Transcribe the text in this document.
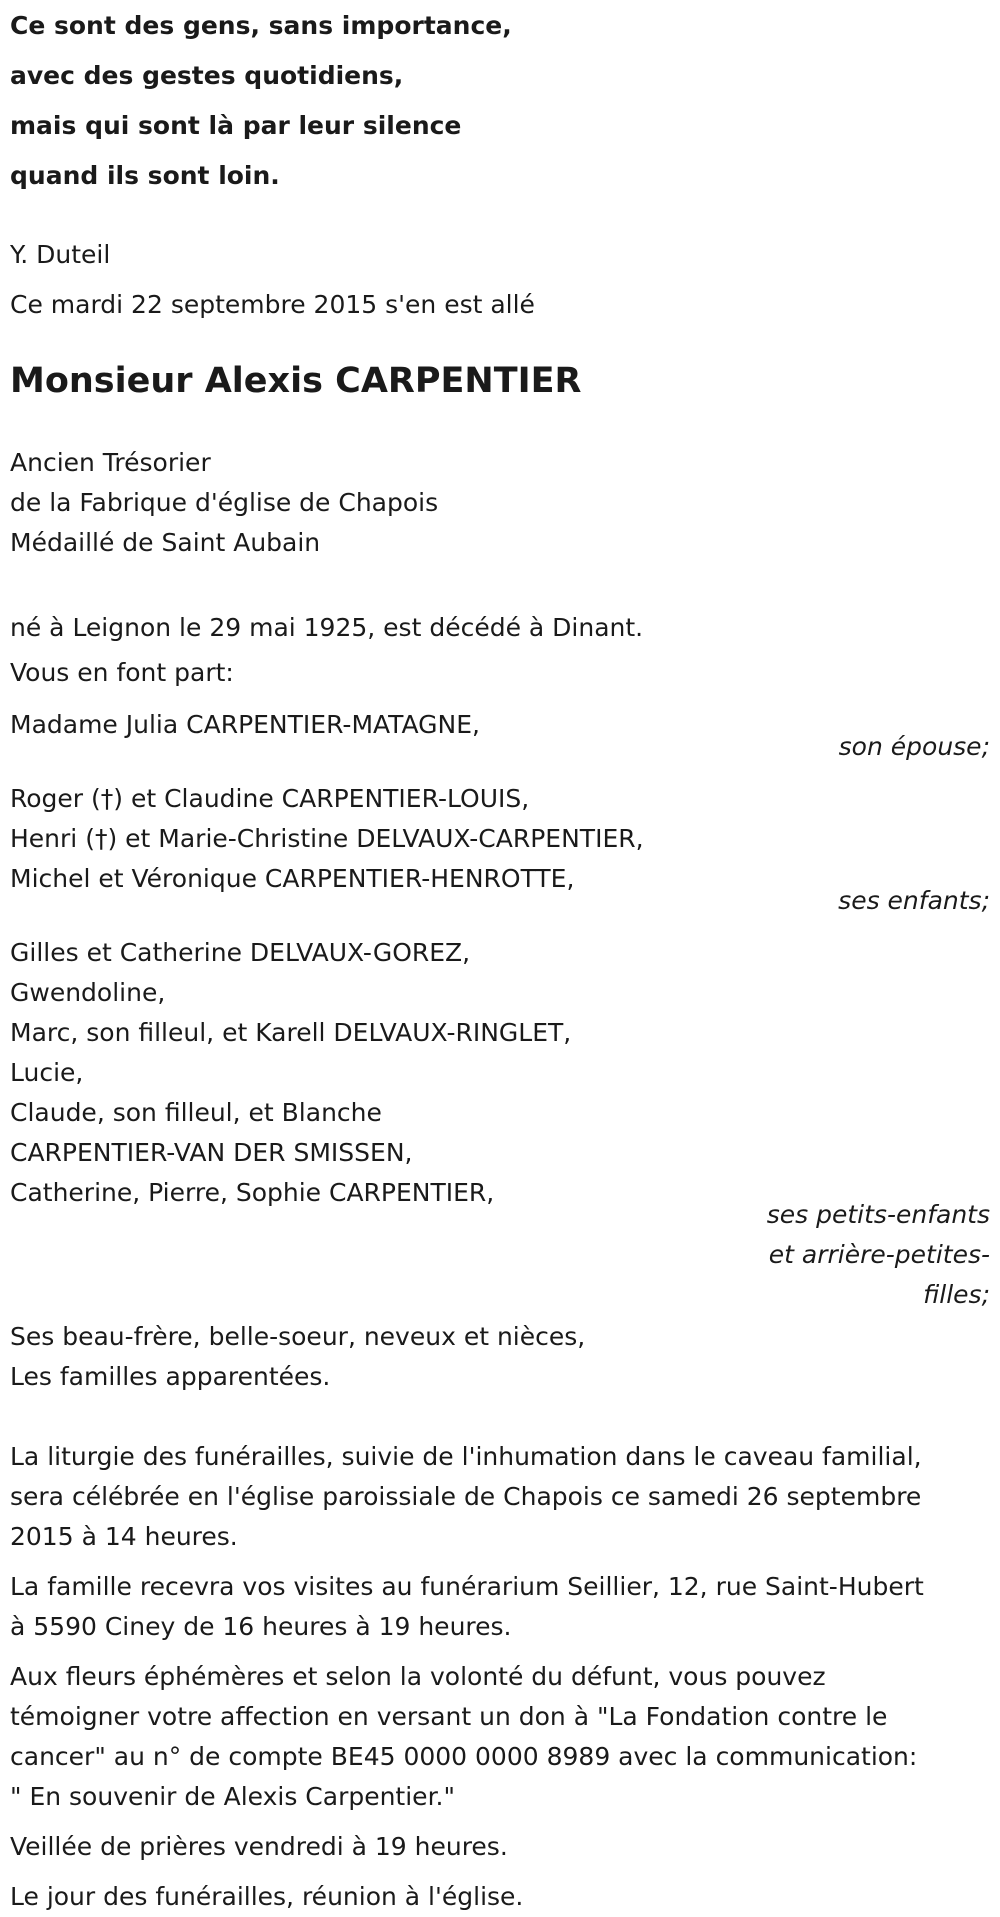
Ce sont des gens, sans importance,
avec des gestes quotidiens,
mais qui sont là par leur silence
quand ils sont loin.
Y. Duteil
Ce mardi 22 septembre 2015 s'en est allé
Monsieur Alexis CARPENTIER
Ancien Trésorier
de la Fabrique d'église de Chapois
Médaillé de Saint Aubain
né à Leignon le 29 mai 1925, est décédé à Dinant.
Vous en font part:
Madame Julia CARPENTIER-MATAGNE,
son épouse;
Roger (†) et Claudine CARPENTIER-LOUIS,
Henri (†) et Marie-Christine DELVAUX-CARPENTIER,
Michel et Véronique CARPENTIER-HENROTTE,
ses enfants;
Gilles et Catherine DELVAUX-GOREZ,
Gwendoline,
Marc, son filleul, et Karell DELVAUX-RINGLET,
Lucie,
Claude, son filleul, et Blanche
CARPENTIER-VAN DER SMISSEN,
Catherine, Pierre, Sophie CARPENTIER,
ses petits-enfants
et arrière-petites-
filles;
Ses beau-frère, belle-soeur, neveux et nièces,
Les familles apparentées.
La liturgie des funérailles, suivie de l'inhumation dans le caveau familial,
sera célébrée en l'église paroissiale de Chapois ce samedi 26 septembre
2015 à 14 heures.
La famille recevra vos visites au funérarium Seillier, 12, rue Saint-Hubert
à 5590 Ciney de 16 heures à 19 heures.
Aux fleurs éphémères et selon la volonté du défunt, vous pouvez
témoigner votre affection en versant un don à "La Fondation contre le
cancer" au n° de compte BE45 0000 0000 8989 avec la communication:
" En souvenir de Alexis Carpentier."
Veillée de prières vendredi à 19 heures.
Le jour des funérailles, réunion à l'église.
